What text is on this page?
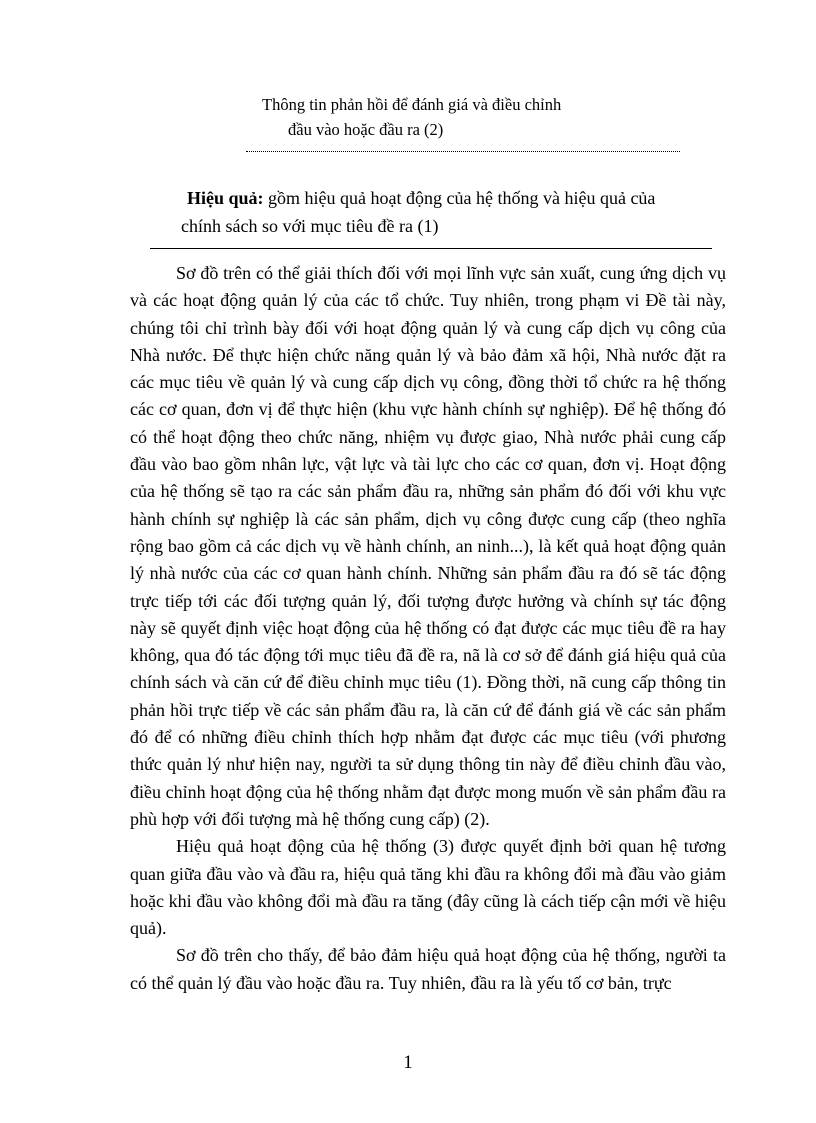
Thông tin phản hồi để đánh giá và điều chỉnh
đầu vào hoặc đầu ra (2)
Hiệu quả: gồm hiệu quả hoạt động của hệ thống và hiệu quả của
chính sách so với mục tiêu đề ra (1)

Sơ đồ trên có thể giải thích đối với mọi lĩnh vực sản xuất, cung ứng dịch vụ và các hoạt động quản lý của các tổ chức. Tuy nhiên, trong phạm vi Đề tài này, chúng tôi chỉ trình bày đối với hoạt động quản lý và cung cấp dịch vụ công của Nhà nước. Để thực hiện chức năng quản lý và bảo đảm xã hội, Nhà nước đặt ra các mục tiêu về quản lý và cung cấp dịch vụ công, đồng thời tổ chức ra hệ thống các cơ quan, đơn vị để thực hiện (khu vực hành chính sự nghiệp). Để hệ thống đó có thể hoạt động theo chức năng, nhiệm vụ được giao, Nhà nước phải cung cấp đầu vào bao gồm nhân lực, vật lực và tài lực cho các cơ quan, đơn vị. Hoạt động của hệ thống sẽ tạo ra các sản phẩm đầu ra, những sản phẩm đó đối với khu vực hành chính sự nghiệp là các sản phẩm, dịch vụ công được cung cấp (theo nghĩa rộng bao gồm cả các dịch vụ về hành chính, an ninh...), là kết quả hoạt động quản lý nhà nước của các cơ quan hành chính. Những sản phẩm đầu ra đó sẽ tác động trực tiếp tới các đối tượng quản lý, đối tượng được hưởng và chính sự tác động này sẽ quyết định việc hoạt động của hệ thống có đạt được các mục tiêu đề ra hay không, qua đó tác động tới mục tiêu đã đề ra, nã là cơ sở để đánh giá hiệu quả của chính sách và căn cứ để điều chỉnh mục tiêu (1). Đồng thời, nã cung cấp thông tin phản hồi trực tiếp về các sản phẩm đầu ra, là căn cứ để đánh giá về các sản phẩm đó để có những điều chỉnh thích hợp nhằm đạt được các mục tiêu (với phương thức quản lý như hiện nay, người ta sử dụng thông tin này để điều chỉnh đầu vào, điều chỉnh hoạt động của hệ thống nhằm đạt được mong muốn về sản phẩm đầu ra phù hợp với đối tượng mà hệ thống cung cấp) (2).

Hiệu quả hoạt động của hệ thống (3) được quyết định bởi quan hệ tương quan giữa đầu vào và đầu ra, hiệu quả tăng khi đầu ra không đổi mà đầu vào giảm hoặc khi đầu vào không đổi mà đầu ra tăng (đây cũng là cách tiếp cận mới về hiệu quả).

Sơ đồ trên cho thấy, để bảo đảm hiệu quả hoạt động của hệ thống, người ta có thể quản lý đầu vào hoặc đầu ra. Tuy nhiên, đầu ra là yếu tố cơ bản, trực

1
